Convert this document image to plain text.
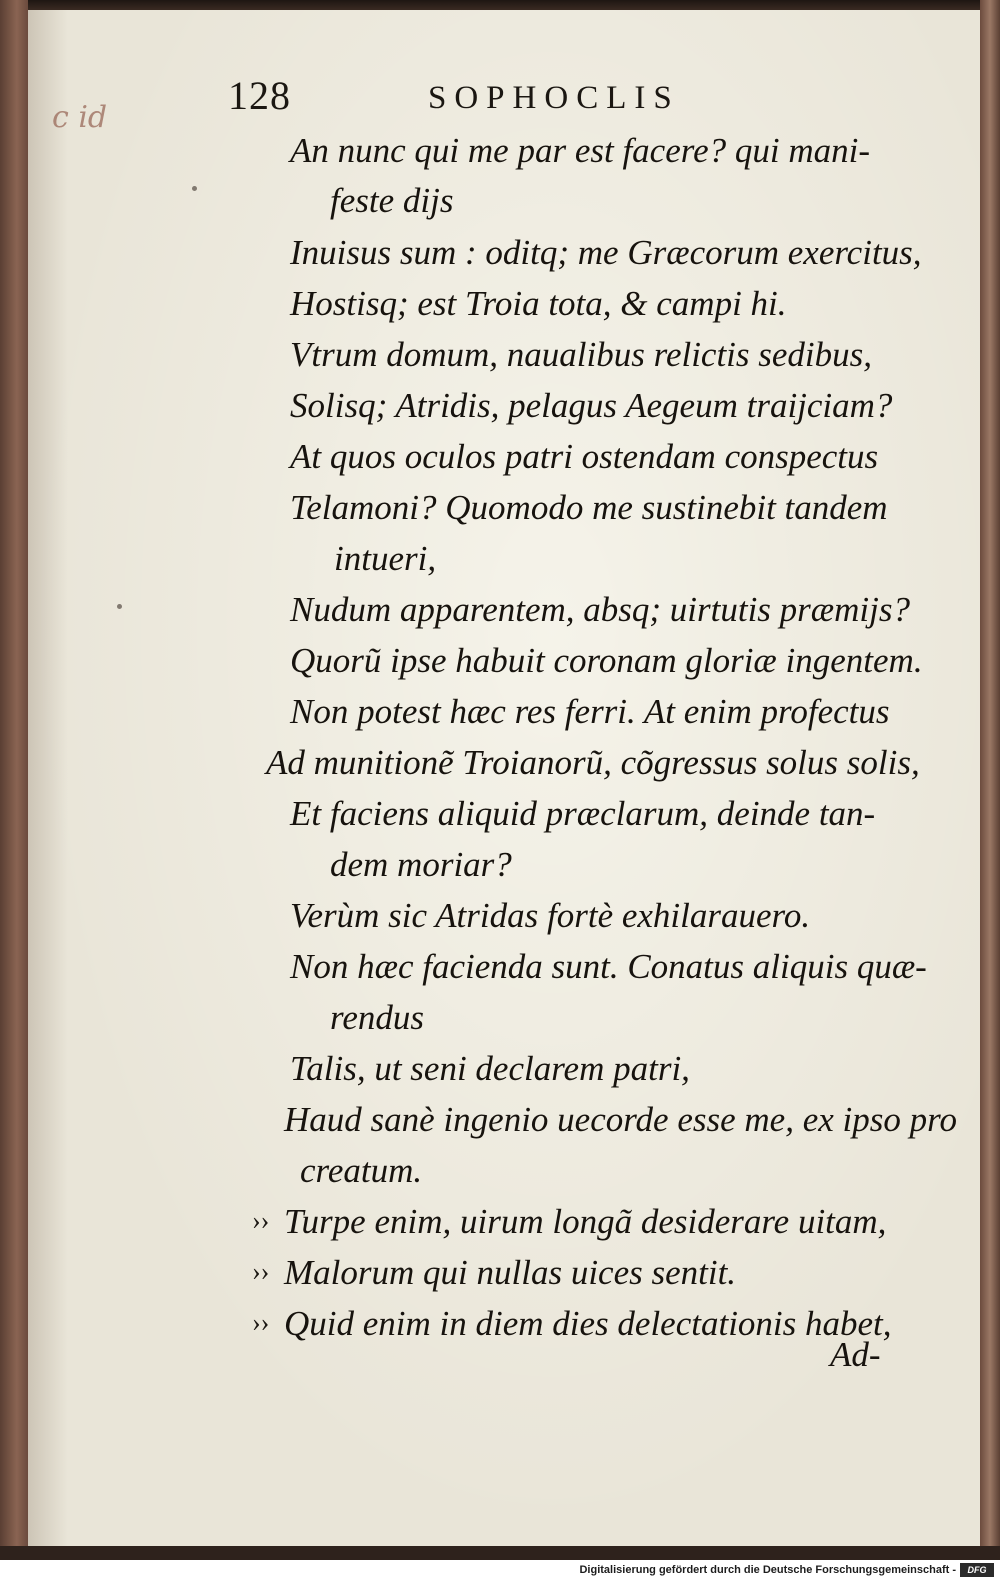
128	SOPHOCLIS
c id
An nunc qui me par est facere? qui mani-
feste dijs
Inuisus sum : oditq; me Græcorum exercitus,
Hostisq; est Troia tota, & campi hi.
Vtrum domum, naualibus relictis sedibus,
Solisq; Atridis, pelagus Aegeum traijciam?
At quos oculos patri ostendam conspectus
Telamoni? Quomodo me sustinebit tandem
intueri,
Nudum apparentem, absq; uirtutis præmijs?
Quorũ ipse habuit coronam gloriæ ingentem.
Non potest hæc res ferri. At enim profectus
Ad munitionẽ Troianorũ, cõgressus solus solis,
Et faciens aliquid præclarum, deinde tan-
dem moriar?
Verùm sic Atridas fortè exhilarauero.
Non hæc facienda sunt. Conatus aliquis quæ-
rendus
Talis, ut seni declarem patri,
Haud sanè ingenio uecorde esse me, ex ipso pro
creatum.
›› Turpe enim, uirum longã desiderare uitam,
›› Malorum qui nullas uices sentit.
›› Quid enim in diem dies delectationis habet,
Ad-
Digitalisierung gefördert durch die Deutsche Forschungsgemeinschaft -	DFG
